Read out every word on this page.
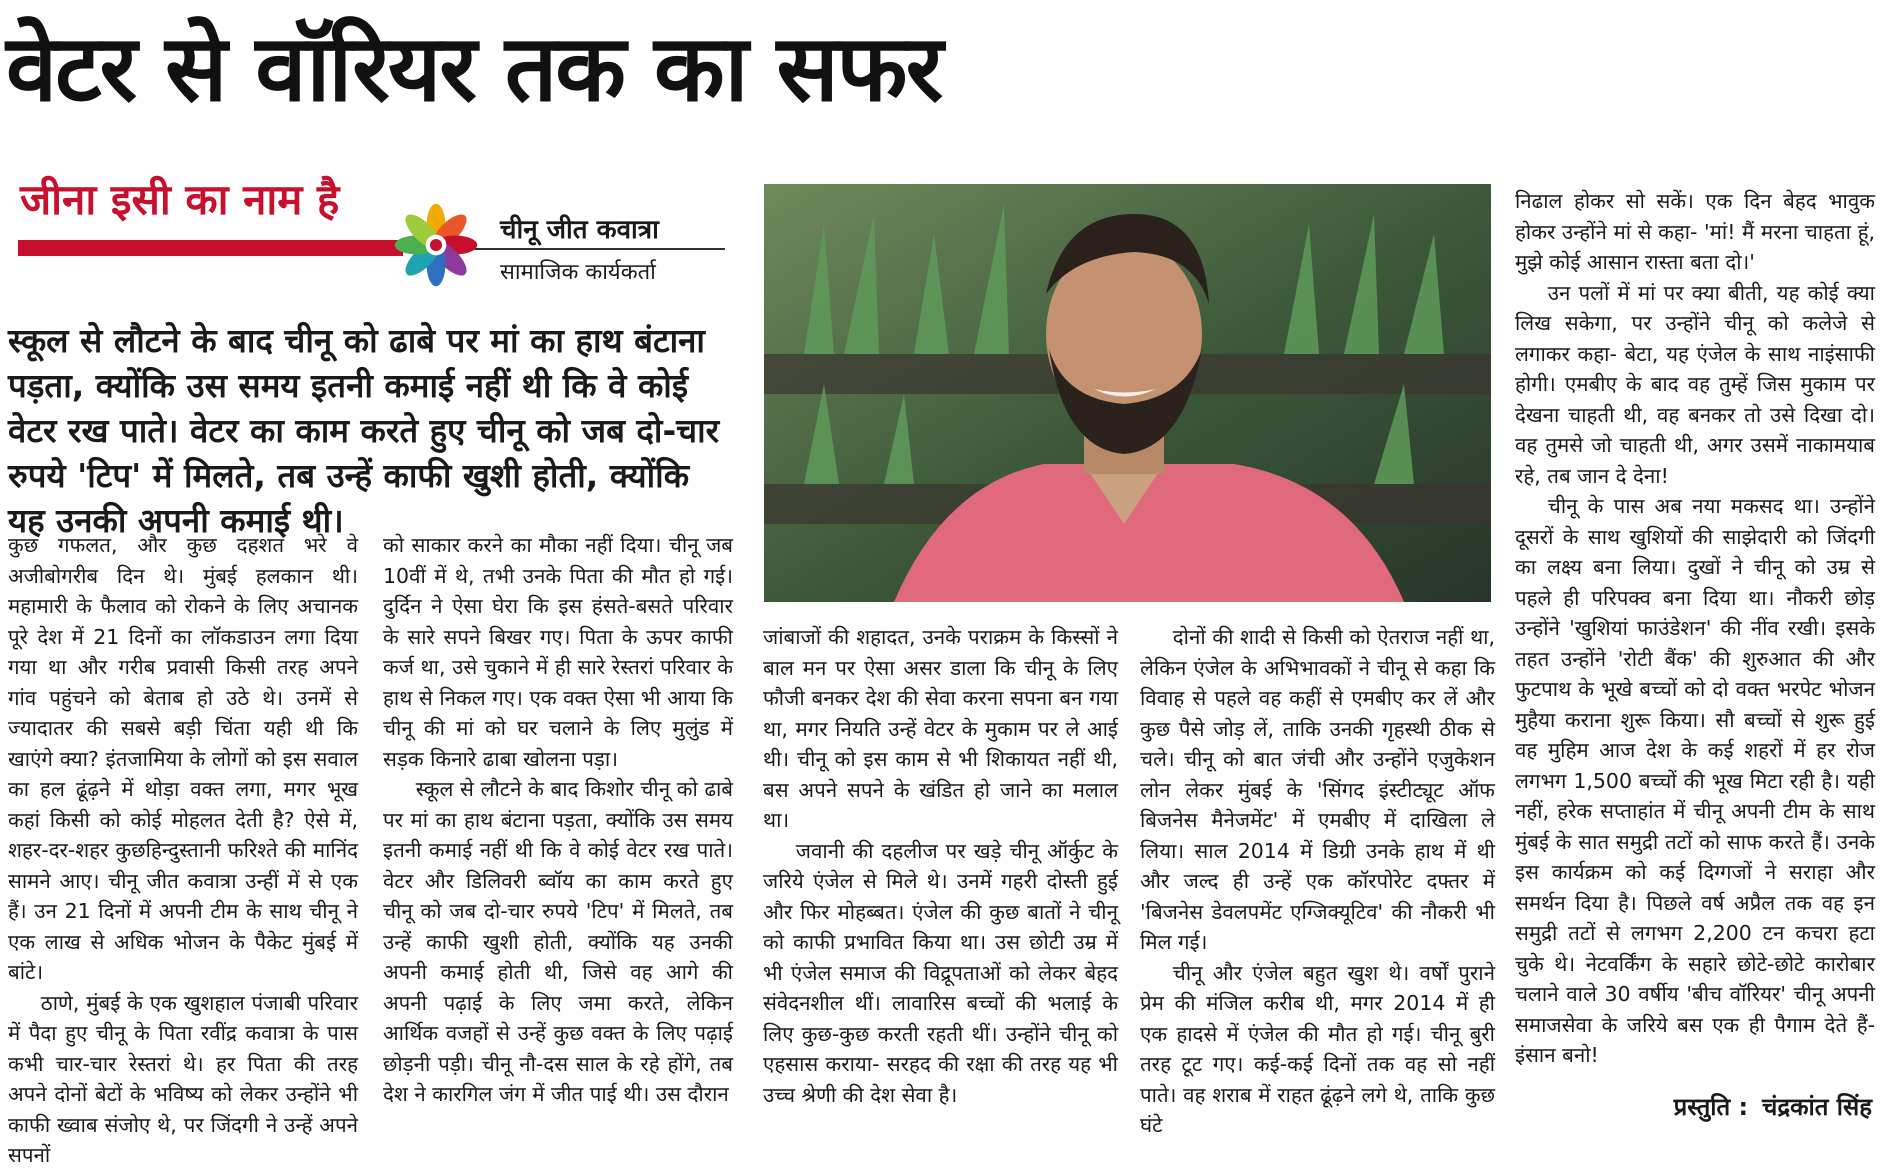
वेटर से वॉरियर तक का सफर
जीना इसी का नाम है
चीनू जीत कवात्रा
सामाजिक कार्यकर्ता
स्कूल से लौटने के बाद चीनू को ढाबे पर मां का हाथ बंटाना पड़ता, क्योंकि उस समय इतनी कमाई नहीं थी कि वे कोई वेटर रख पाते। वेटर का काम करते हुए चीनू को जब दो-चार रुपये 'टिप' में मिलते, तब उन्हें काफी खुशी होती, क्योंकि यह उनकी अपनी कमाई थी।

कुछ गफलत, और कुछ दहशत भरे वे अजीबोगरीब दिन थे। मुंबई हलकान थी। महामारी के फैलाव को रोकने के लिए अचानक पूरे देश में 21 दिनों का लॉकडाउन लगा दिया गया था और गरीब प्रवासी किसी तरह अपने गांव पहुंचने को बेताब हो उठे थे। उनमें से ज्यादातर की सबसे बड़ी चिंता यही थी कि खाएंगे क्या? इंतजामिया के लोगों को इस सवाल का हल ढूंढ़ने में थोड़ा वक्त लगा, मगर भूख कहां किसी को कोई मोहलत देती है? ऐसे में, शहर-दर-शहर कुछहिन्दुस्तानी फरिश्ते की मानिंद सामने आए। चीनू जीत कवात्रा उन्हीं में से एक हैं। उन 21 दिनों में अपनी टीम के साथ चीनू ने एक लाख से अधिक भोजन के पैकेट मुंबई में बांटे।

ठाणे, मुंबई के एक खुशहाल पंजाबी परिवार में पैदा हुए चीनू के पिता रवींद्र कवात्रा के पास कभी चार-चार रेस्तरां थे। हर पिता की तरह अपने दोनों बेटों के भविष्य को लेकर उन्होंने भी काफी ख्वाब संजोए थे, पर जिंदगी ने उन्हें अपने सपनों

को साकार करने का मौका नहीं दिया। चीनू जब 10वीं में थे, तभी उनके पिता की मौत हो गई। दुर्दिन ने ऐसा घेरा कि इस हंसते-बसते परिवार के सारे सपने बिखर गए। पिता के ऊपर काफी कर्ज था, उसे चुकाने में ही सारे रेस्तरां परिवार के हाथ से निकल गए। एक वक्त ऐसा भी आया कि चीनू की मां को घर चलाने के लिए मुलुंड में सड़क किनारे ढाबा खोलना पड़ा।

स्कूल से लौटने के बाद किशोर चीनू को ढाबे पर मां का हाथ बंटाना पड़ता, क्योंकि उस समय इतनी कमाई नहीं थी कि वे कोई वेटर रख पाते। वेटर और डिलिवरी ब्वॉय का काम करते हुए चीनू को जब दो-चार रुपये 'टिप' में मिलते, तब उन्हें काफी खुशी होती, क्योंकि यह उनकी अपनी कमाई होती थी, जिसे वह आगे की अपनी पढ़ाई के लिए जमा करते, लेकिन आर्थिक वजहों से उन्हें कुछ वक्त के लिए पढ़ाई छोड़नी पड़ी। चीनू नौ-दस साल के रहे होंगे, तब देश ने कारगिल जंग में जीत पाई थी। उस दौरान

जांबाजों की शहादत, उनके पराक्रम के किस्सों ने बाल मन पर ऐसा असर डाला कि चीनू के लिए फौजी बनकर देश की सेवा करना सपना बन गया था, मगर नियति उन्हें वेटर के मुकाम पर ले आई थी। चीनू को इस काम से भी शिकायत नहीं थी, बस अपने सपने के खंडित हो जाने का मलाल था।

जवानी की दहलीज पर खड़े चीनू ऑर्कुट के जरिये एंजेल से मिले थे। उनमें गहरी दोस्ती हुई और फिर मोहब्बत। एंजेल की कुछ बातों ने चीनू को काफी प्रभावित किया था। उस छोटी उम्र में भी एंजेल समाज की विद्रूपताओं को लेकर बेहद संवेदनशील थीं। लावारिस बच्चों की भलाई के लिए कुछ-कुछ करती रहती थीं। उन्होंने चीनू को एहसास कराया- सरहद की रक्षा की तरह यह भी उच्च श्रेणी की देश सेवा है।

दोनों की शादी से किसी को ऐतराज नहीं था, लेकिन एंजेल के अभिभावकों ने चीनू से कहा कि विवाह से पहले वह कहीं से एमबीए कर लें और कुछ पैसे जोड़ लें, ताकि उनकी गृहस्थी ठीक से चले। चीनू को बात जंची और उन्होंने एजुकेशन लोन लेकर मुंबई के 'सिंगद इंस्टीट्यूट ऑफ बिजनेस मैनेजमेंट' में एमबीए में दाखिला ले लिया। साल 2014 में डिग्री उनके हाथ में थी और जल्द ही उन्हें एक कॉरपोरेट दफ्तर में 'बिजनेस डेवलपमेंट एग्जिक्यूटिव' की नौकरी भी मिल गई।

चीनू और एंजेल बहुत खुश थे। वर्षों पुराने प्रेम की मंजिल करीब थी, मगर 2014 में ही एक हादसे में एंजेल की मौत हो गई। चीनू बुरी तरह टूट गए। कई-कई दिनों तक वह सो नहीं पाते। वह शराब में राहत ढूंढ़ने लगे थे, ताकि कुछ घंटे

निढाल होकर सो सकें। एक दिन बेहद भावुक होकर उन्होंने मां से कहा- 'मां! मैं मरना चाहता हूं, मुझे कोई आसान रास्ता बता दो।'

उन पलों में मां पर क्या बीती, यह कोई क्या लिख सकेगा, पर उन्होंने चीनू को कलेजे से लगाकर कहा- बेटा, यह एंजेल के साथ नाइंसाफी होगी। एमबीए के बाद वह तुम्हें जिस मुकाम पर देखना चाहती थी, वह बनकर तो उसे दिखा दो। वह तुमसे जो चाहती थी, अगर उसमें नाकामयाब रहे, तब जान दे देना!

चीनू के पास अब नया मकसद था। उन्होंने दूसरों के साथ खुशियों की साझेदारी को जिंदगी का लक्ष्य बना लिया। दुखों ने चीनू को उम्र से पहले ही परिपक्व बना दिया था। नौकरी छोड़ उन्होंने 'खुशियां फाउंडेशन' की नींव रखी। इसके तहत उन्होंने 'रोटी बैंक' की शुरुआत की और फुटपाथ के भूखे बच्चों को दो वक्त भरपेट भोजन मुहैया कराना शुरू किया। सौ बच्चों से शुरू हुई वह मुहिम आज देश के कई शहरों में हर रोज लगभग 1,500 बच्चों की भूख मिटा रही है। यही नहीं, हरेक सप्ताहांत में चीनू अपनी टीम के साथ मुंबई के सात समुद्री तटों को साफ करते हैं। उनके इस कार्यक्रम को कई दिग्गजों ने सराहा और समर्थन दिया है। पिछले वर्ष अप्रैल तक वह इन समुद्री तटों से लगभग 2,200 टन कचरा हटा चुके थे। नेटवर्किंग के सहारे छोटे-छोटे कारोबार चलाने वाले 30 वर्षीय 'बीच वॉरियर' चीनू अपनी समाजसेवा के जरिये बस एक ही पैगाम देते हैं- इंसान बनो!

प्रस्तुति : चंद्रकांत सिंह
